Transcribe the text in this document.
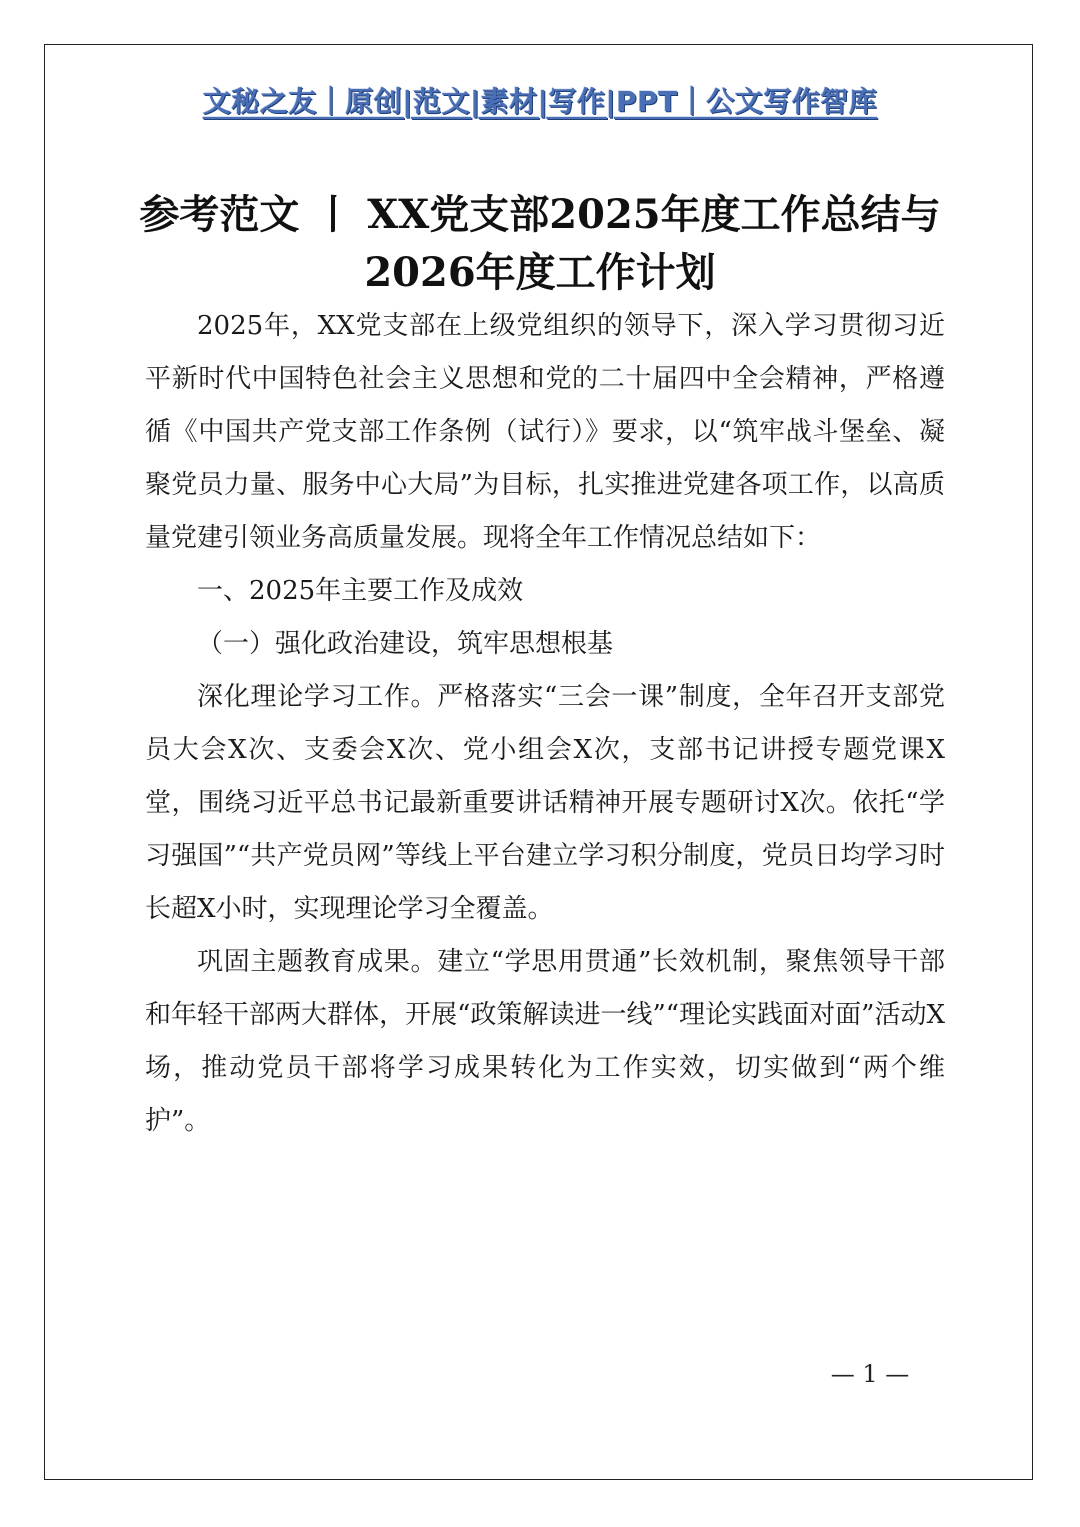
文秘之友｜原创|范文|素材|写作|PPT｜公文写作智库
参考范文 丨 XX党支部2025年度工作总结与2026年度工作计划

2025年，XX党支部在上级党组织的领导下，深入学习贯彻习近平新时代中国特色社会主义思想和党的二十届四中全会精神，严格遵循《中国共产党支部工作条例（试行）》要求，以“筑牢战斗堡垒、凝聚党员力量、服务中心大局”为目标，扎实推进党建各项工作，以高质量党建引领业务高质量发展。现将全年工作情况总结如下：

一、2025年主要工作及成效

（一）强化政治建设，筑牢思想根基

深化理论学习工作。严格落实“三会一课”制度，全年召开支部党员大会X次、支委会X次、党小组会X次，支部书记讲授专题党课X堂，围绕习近平总书记最新重要讲话精神开展专题研讨X次。依托“学习强国”“共产党员网”等线上平台建立学习积分制度，党员日均学习时长超X小时，实现理论学习全覆盖。

巩固主题教育成果。建立“学思用贯通”长效机制，聚焦领导干部和年轻干部两大群体，开展“政策解读进一线”“理论实践面对面”活动X场，推动党员干部将学习成果转化为工作实效，切实做到“两个维护”。

— 1 —
